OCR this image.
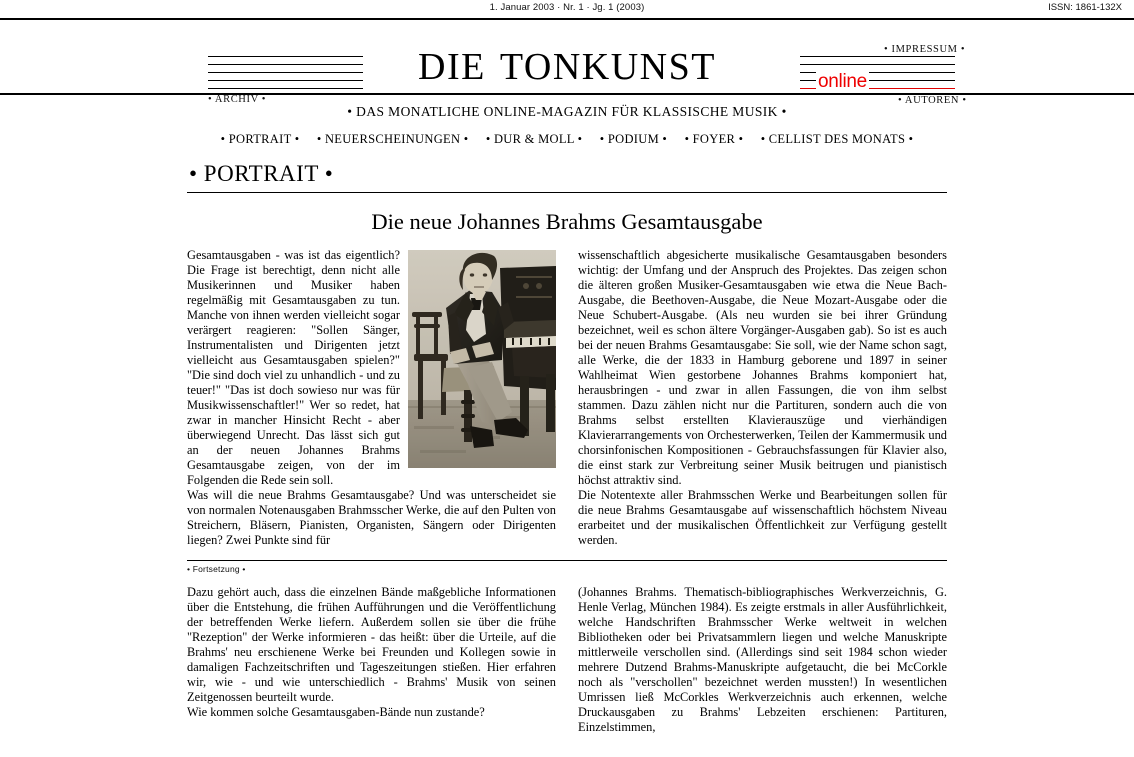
1. Januar 2003 · Nr. 1 · Jg. 1 (2003)	ISSN: 1861-132X
DIE TONKUNST	online
• ARCHIV •
• IMPRESSUM •
• AUTOREN •
• DAS MONATLICHE ONLINE-MAGAZIN FÜR KLASSISCHE MUSIK •
• PORTRAIT • • NEUERSCHEINUNGEN • • DUR & MOLL • • PODIUM • • FOYER • • CELLIST DES MONATS •
• PORTRAIT •
Die neue Johannes Brahms Gesamtausgabe

Gesamtausgaben - was ist das eigentlich? Die Frage ist berechtigt, denn nicht alle Musikerinnen und Musiker haben regelmäßig mit Gesamtausgaben zu tun. Manche von ihnen werden vielleicht sogar verärgert reagieren: "Sollen Sänger, Instrumentalisten und Dirigenten jetzt vielleicht aus Gesamtausgaben spielen?" "Die sind doch viel zu unhandlich - und zu teuer!" "Das ist doch sowieso nur was für Musikwissenschaftler!" Wer so redet, hat zwar in mancher Hinsicht Recht - aber überwiegend Unrecht. Das lässt sich gut an der neuen Johannes Brahms Gesamtausgabe zeigen, von der im Folgenden die Rede sein soll.

Was will die neue Brahms Gesamtausgabe? Und was unterscheidet sie von normalen Notenausgaben Brahmsscher Werke, die auf den Pulten von Streichern, Bläsern, Pianisten, Organisten, Sängern oder Dirigenten liegen? Zwei Punkte sind für

wissenschaftlich abgesicherte musikalische Gesamtausgaben besonders wichtig: der Umfang und der Anspruch des Projektes. Das zeigen schon die älteren großen Musiker-Gesamtausgaben wie etwa die Neue Bach-Ausgabe, die Beethoven-Ausgabe, die Neue Mozart-Ausgabe oder die Neue Schubert-Ausgabe. (Als neu wurden sie bei ihrer Gründung bezeichnet, weil es schon ältere Vorgänger-Ausgaben gab). So ist es auch bei der neuen Brahms Gesamtausgabe: Sie soll, wie der Name schon sagt, alle Werke, die der 1833 in Hamburg geborene und 1897 in seiner Wahlheimat Wien gestorbene Johannes Brahms komponiert hat, herausbringen - und zwar in allen Fassungen, die von ihm selbst stammen. Dazu zählen nicht nur die Partituren, sondern auch die von Brahms selbst erstellten Klavierauszüge und vierhändigen Klavierarrangements von Orchesterwerken, Teilen der Kammermusik und chorsinfonischen Kompositionen - Gebrauchsfassungen für Klavier also, die einst stark zur Verbreitung seiner Musik beitrugen und pianistisch höchst attraktiv sind.

Die Notentexte aller Brahmsschen Werke und Bearbeitungen sollen für die neue Brahms Gesamtausgabe auf wissenschaftlich höchstem Niveau erarbeitet und der musikalischen Öffentlichkeit zur Verfügung gestellt werden.

• Fortsetzung •

Dazu gehört auch, dass die einzelnen Bände maßgebliche Informationen über die Entstehung, die frühen Aufführungen und die Veröffentlichung der betreffenden Werke liefern. Außerdem sollen sie über die frühe "Rezeption" der Werke informieren - das heißt: über die Urteile, auf die Brahms' neu erschienene Werke bei Freunden und Kollegen sowie in damaligen Fachzeitschriften und Tageszeitungen stießen. Hier erfahren wir, wie - und wie unterschiedlich - Brahms' Musik von seinen Zeitgenossen beurteilt wurde.

Wie kommen solche Gesamtausgaben-Bände nun zustande?

(Johannes Brahms. Thematisch-bibliographisches Werkverzeichnis, G. Henle Verlag, München 1984). Es zeigte erstmals in aller Ausführlichkeit, welche Handschriften Brahmsscher Werke weltweit in welchen Bibliotheken oder bei Privatsammlern liegen und welche Manuskripte mittlerweile verschollen sind. (Allerdings sind seit 1984 schon wieder mehrere Dutzend Brahms-Manuskripte aufgetaucht, die bei McCorkle noch als "verschollen" bezeichnet werden mussten!) In wesentlichen Umrissen ließ McCorkles Werkverzeichnis auch erkennen, welche Druckausgaben zu Brahms' Lebzeiten erschienen: Partituren, Einzelstimmen,
